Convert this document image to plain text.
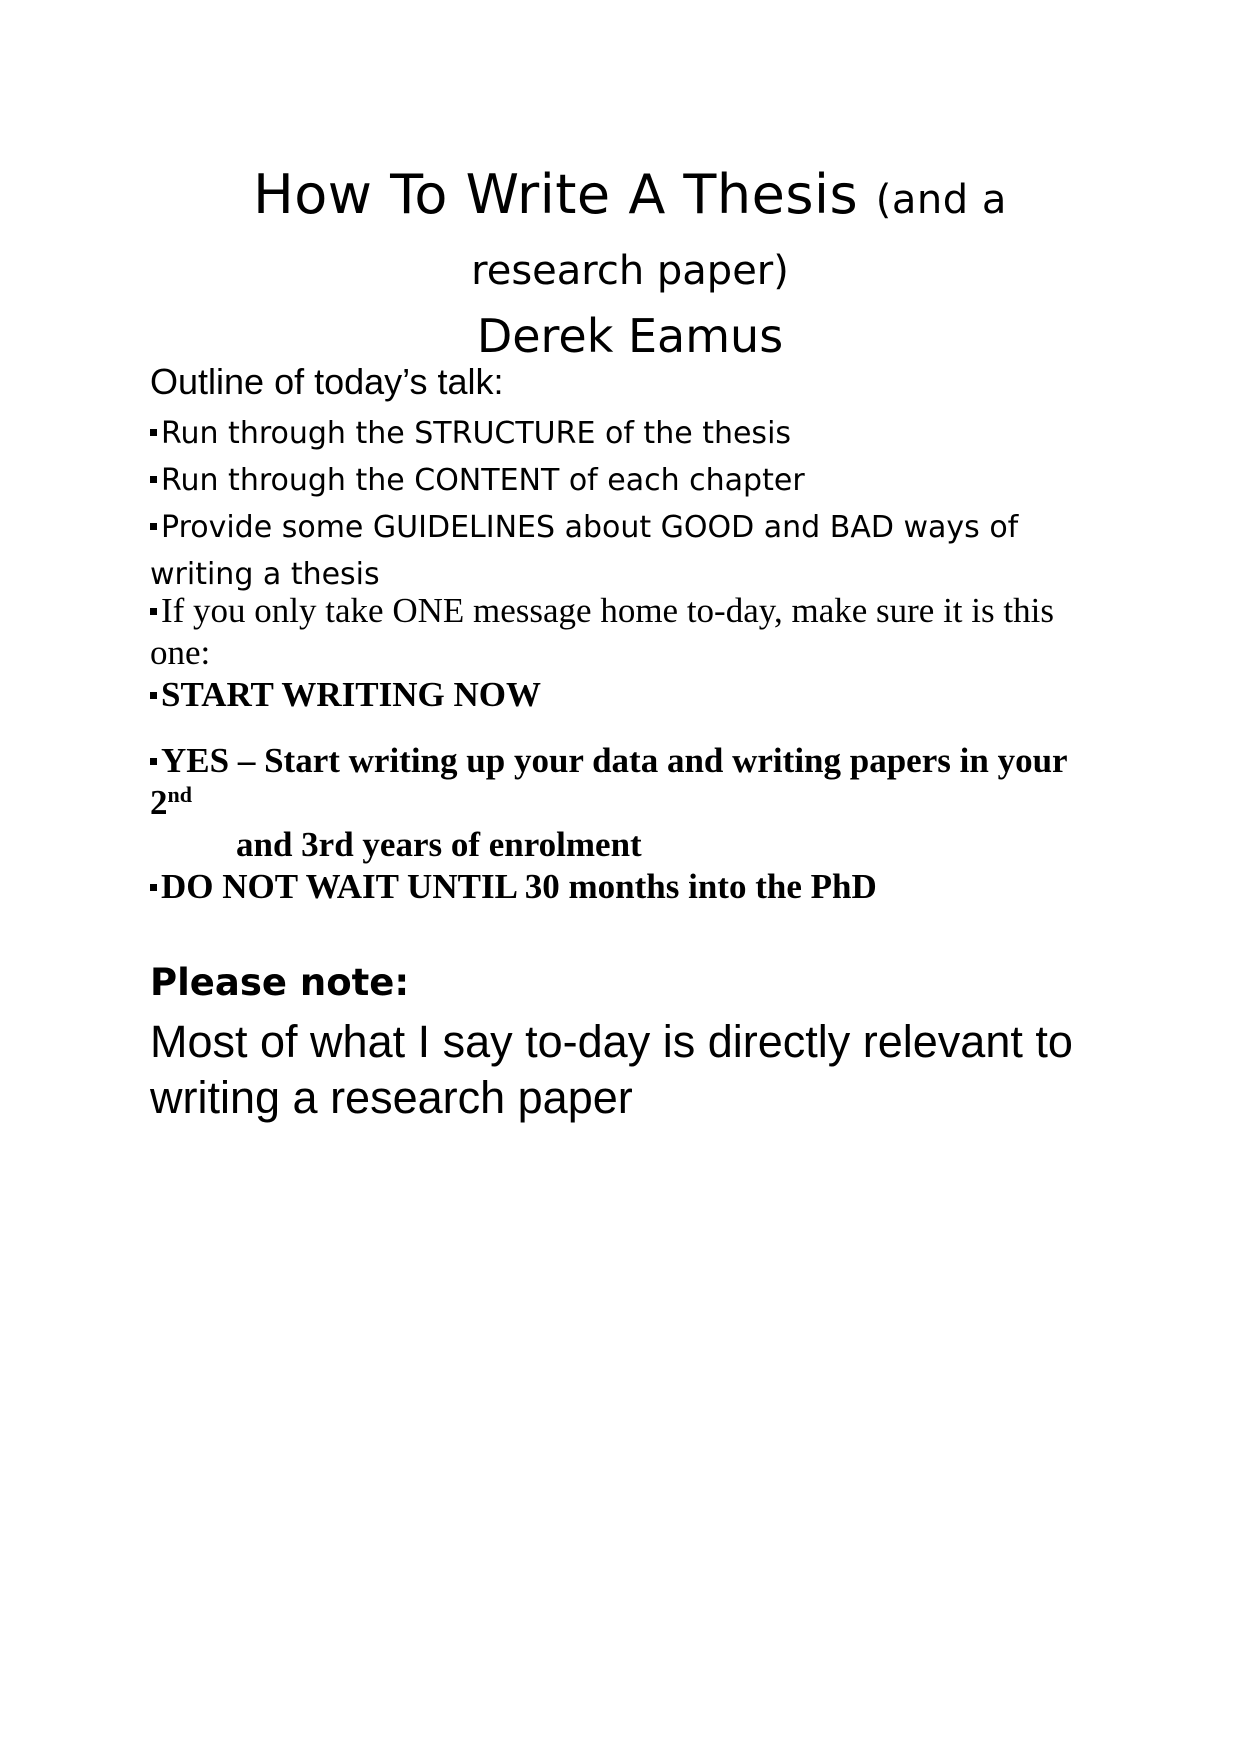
How To Write A Thesis (and a
research paper)
Derek Eamus
Outline of today’s talk:

Run through the STRUCTURE of the thesis

Run through the CONTENT of each chapter

Provide some GUIDELINES about GOOD and BAD ways of writing a thesis

If you only take ONE message home to-day, make sure it is this one:

START WRITING NOW

YES – Start writing up your data and writing papers in your 2nd

and 3rd years of enrolment

DO NOT WAIT UNTIL 30 months into the PhD

Please note:
Most of what I say to-day is directly relevant to writing a research paper
